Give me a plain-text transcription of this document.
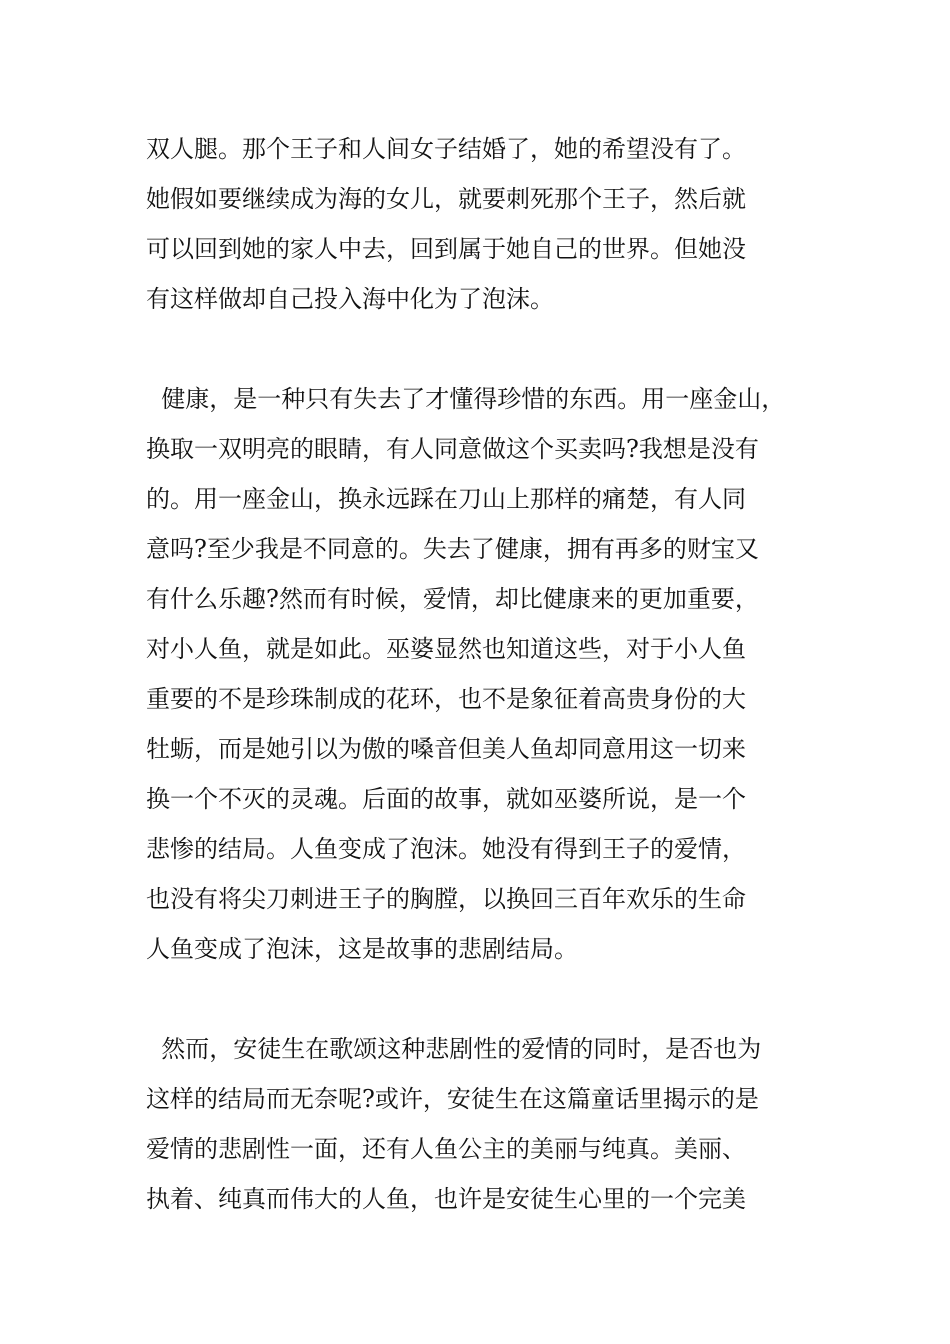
双人腿。那个王子和人间女子结婚了，她的希望没有了。
她假如要继续成为海的女儿，就要刺死那个王子，然后就
可以回到她的家人中去，回到属于她自己的世界。但她没
有这样做却自己投入海中化为了泡沫。
健康，是一种只有失去了才懂得珍惜的东西。用一座金山，
换取一双明亮的眼睛，有人同意做这个买卖吗?我想是没有
的。用一座金山，换永远踩在刀山上那样的痛楚，有人同
意吗?至少我是不同意的。失去了健康，拥有再多的财宝又
有什么乐趣?然而有时候，爱情，却比健康来的更加重要，
对小人鱼，就是如此。巫婆显然也知道这些，对于小人鱼
重要的不是珍珠制成的花环，也不是象征着高贵身份的大
牡蛎，而是她引以为傲的嗓音但美人鱼却同意用这一切来
换一个不灭的灵魂。后面的故事，就如巫婆所说，是一个
悲惨的结局。人鱼变成了泡沫。她没有得到王子的爱情，
也没有将尖刀刺进王子的胸膛，以换回三百年欢乐的生命
人鱼变成了泡沫，这是故事的悲剧结局。
然而，安徒生在歌颂这种悲剧性的爱情的同时，是否也为
这样的结局而无奈呢?或许，安徒生在这篇童话里揭示的是
爱情的悲剧性一面，还有人鱼公主的美丽与纯真。美丽、
执着、纯真而伟大的人鱼，也许是安徒生心里的一个完美
